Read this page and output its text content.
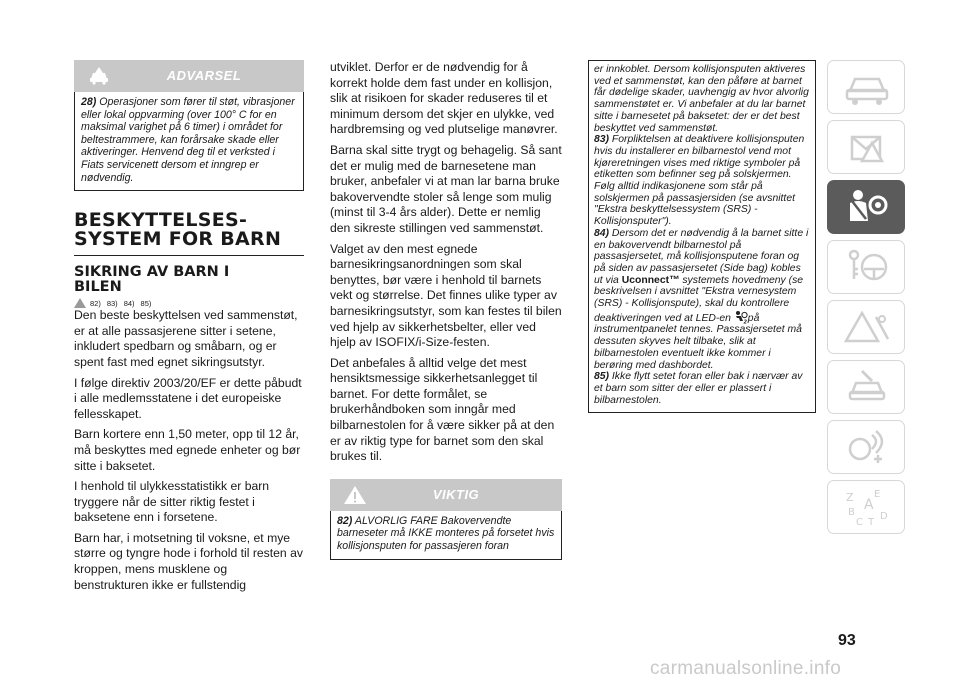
ADVARSEL
28) Operasjoner som fører til støt, vibrasjoner eller lokal oppvarming (over 100° C for en maksimal varighet på 6 timer) i området for beltestrammere, kan forårsake skade eller aktiveringer. Henvend deg til et verksted i Fiats servicenett dersom et inngrep er nødvendig.
BESKYTTELSES-
SYSTEM FOR BARN
SIKRING AV BARN I
BILEN
82) 83) 84) 85)

Den beste beskyttelsen ved sammenstøt, er at alle passasjerene sitter i setene, inkludert spedbarn og småbarn, og er spent fast med egnet sikringsutstyr.

I følge direktiv 2003/20/EF er dette påbudt i alle medlemsstatene i det europeiske fellesskapet.

Barn kortere enn 1,50 meter, opp til 12 år, må beskyttes med egnede enheter og bør sitte i baksetet.

I henhold til ulykkesstatistikk er barn tryggere når de sitter riktig festet i baksetene enn i forsetene.

Barn har, i motsetning til voksne, et mye større og tyngre hode i forhold til resten av kroppen, mens musklene og benstrukturen ikke er fullstendig

utviklet. Derfor er de nødvendig for å korrekt holde dem fast under en kollisjon, slik at risikoen for skader reduseres til et minimum dersom det skjer en ulykke, ved hardbremsing og ved plutselige manøvrer.

Barna skal sitte trygt og behagelig. Så sant det er mulig med de barnesetene man bruker, anbefaler vi at man lar barna bruke bakovervendte stoler så lenge som mulig (minst til 3-4 års alder). Dette er nemlig den sikreste stillingen ved sammenstøt.

Valget av den mest egnede barnesikringsanordningen som skal benyttes, bør være i henhold til barnets vekt og størrelse. Det finnes ulike typer av barnesikringsutstyr, som kan festes til bilen ved hjelp av sikkerhetsbelter, eller ved hjelp av ISOFIX/i-Size-festen.

Det anbefales å alltid velge det mest hensiktsmessige sikkerhetsanlegget til barnet. For dette formålet, se brukerhåndboken som inngår med bilbarnestolen for å være sikker på at den er av riktig type for barnet som den skal brukes til.

VIKTIG
82) ALVORLIG FARE Bakovervendte barneseter må IKKE monteres på forsetet hvis kollisjonsputen for passasjeren foran

er innkoblet. Dersom kollisjonsputen aktiveres ved et sammenstøt, kan den påføre at barnet får dødelige skader, uavhengig av hvor alvorlig sammenstøtet er. Vi anbefaler at du lar barnet sitte i barnesetet på baksetet: der er det best beskyttet ved sammenstøt.

83) Forpliktelsen at deaktivere kollisjonsputen hvis du installerer en bilbarnestol vend mot kjøreretningen vises med riktige symboler på etiketten som befinner seg på solskjermen.

Følg alltid indikasjonene som står på solskjermen på passasjersiden (se avsnittet "Ekstra beskyttelsessystem (SRS) - Kollisjonsputer").

84) Dersom det er nødvendig å la barnet sitte i en bakovervendt bilbarnestol på passasjersetet, må kollisjonsputene foran og på siden av passasjersetet (Side bag) kobles ut via Uconnect™ systemets hovedmeny (se beskrivelsen i avsnittet "Ekstra vernesystem (SRS) - Kollisjonsputе), skal du kontrollere deaktiveringen ved at LED-en 2 på instrumentpanelet tennes. Passasjersetet må dessuten skyves helt tilbake, slik at bilbarnestolen eventuelt ikke kommer i berøring med dashbordet.

85) Ikke flytt setet foran eller bak i nærvær av et barn som sitter der eller er plassert i bilbarnestolen.

Z E
B A
C T
D
93
carmanualsonline.info
